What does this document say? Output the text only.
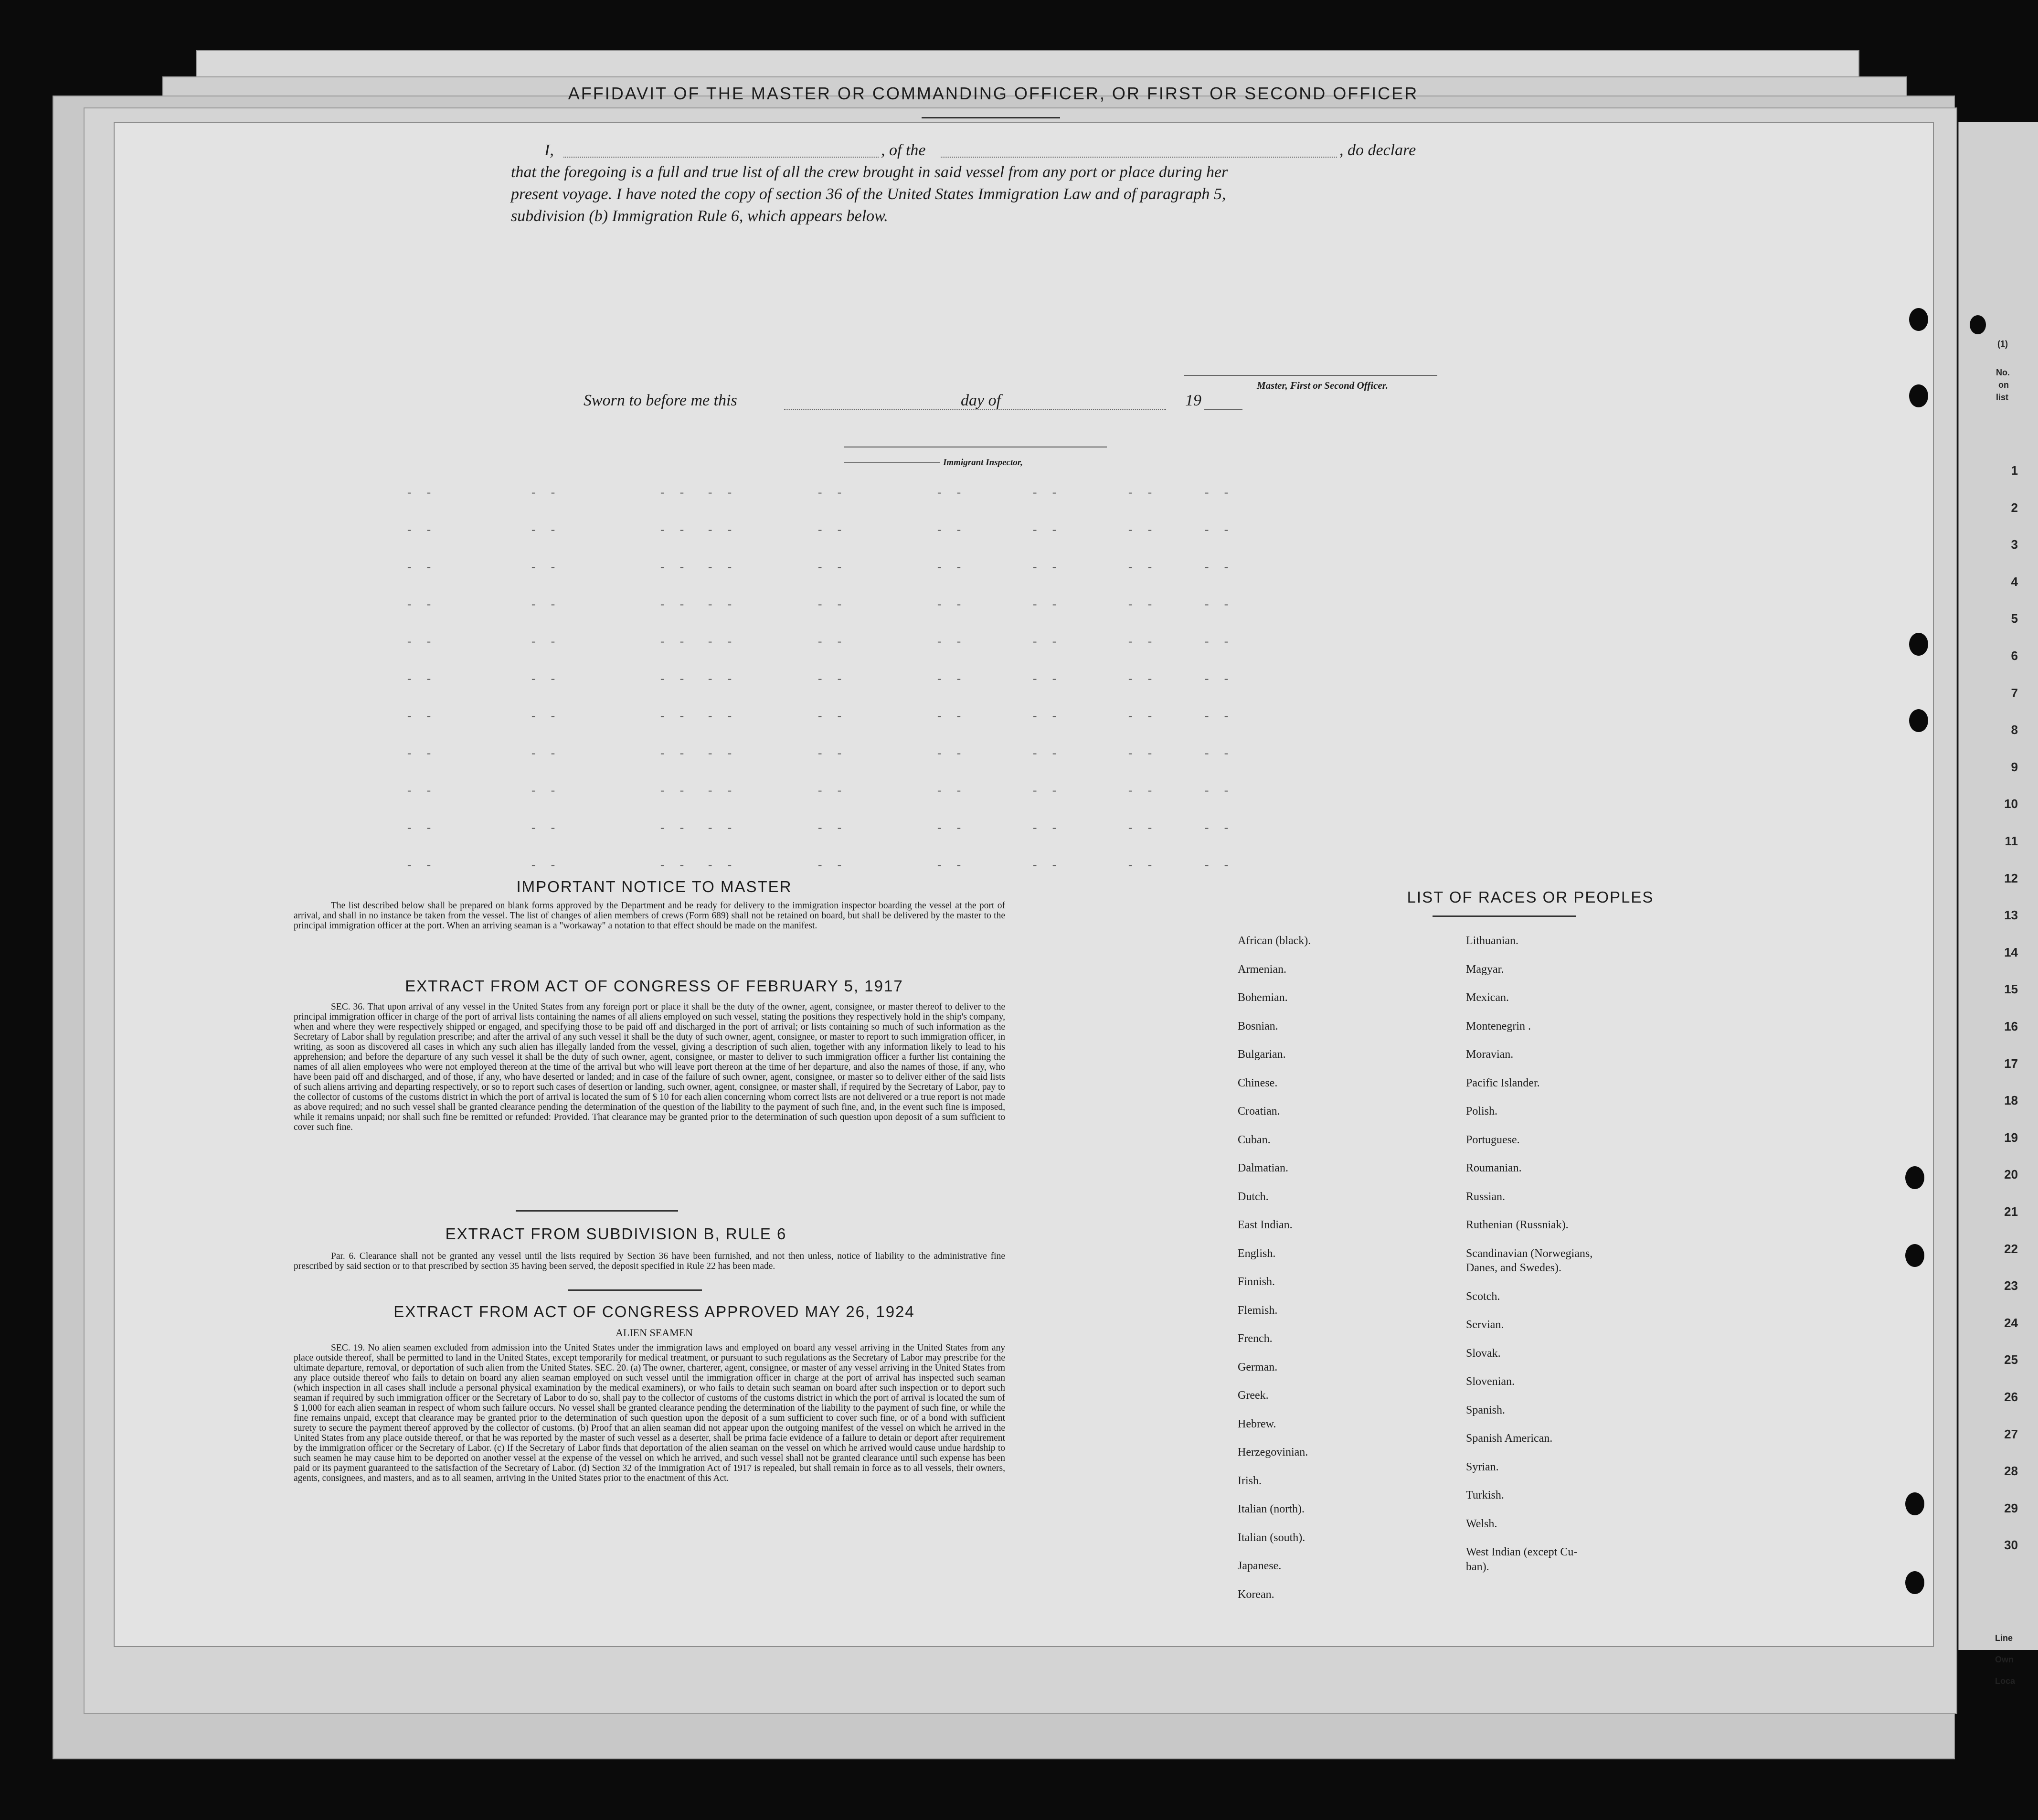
AFFIDAVIT OF THE MASTER OR COMMANDING OFFICER, OR FIRST OR SECOND OFFICER
I,	, of the	, do declare
that the foregoing is a full and true list of all the crew brought in said vessel from any port or place during her
present voyage. I have noted the copy of section 36 of the United States Immigration Law and of paragraph 5,
subdivision (b) Immigration Rule 6, which appears below.
Master, First or Second Officer.
Sworn to before me this	day of	19
Immigrant Inspector,
- -	- -	- - - -	- -	- -	- -	- -	- -
- -	- -	- - - -	- -	- -	- -	- -	- -
- -	- -	- - - -	- -	- -	- -	- -	- -
- -	- -	- - - -	- -	- -	- -	- -	- -
- -	- -	- - - -	- -	- -	- -	- -	- -
- -	- -	- - - -	- -	- -	- -	- -	- -
- -	- -	- - - -	- -	- -	- -	- -	- -
- -	- -	- - - -	- -	- -	- -	- -	- -
- -	- -	- - - -	- -	- -	- -	- -	- -
- -	- -	- - - -	- -	- -	- -	- -	- -
- -	- -	- - - -	- -	- -	- -	- -	- -
IMPORTANT NOTICE TO MASTER
The list described below shall be prepared on blank forms approved by the Department and be ready for delivery to the immigration inspector boarding the vessel at the port of arrival, and shall in no instance be taken from the vessel. The list of changes of alien members of crews (Form 689) shall not be retained on board, but shall be delivered by the master to the principal immigration officer at the port. When an arriving seaman is a "workaway" a notation to that effect should be made on the manifest.
EXTRACT FROM ACT OF CONGRESS OF FEBRUARY 5, 1917
SEC. 36. That upon arrival of any vessel in the United States from any foreign port or place it shall be the duty of the owner, agent, consignee, or master thereof to deliver to the principal immigration officer in charge of the port of arrival lists containing the names of all aliens employed on such vessel, stating the positions they respectively hold in the ship's company, when and where they were respectively shipped or engaged, and specifying those to be paid off and discharged in the port of arrival; or lists containing so much of such information as the Secretary of Labor shall by regulation prescribe; and after the arrival of any such vessel it shall be the duty of such owner, agent, consignee, or master to report to such immigration officer, in writing, as soon as discovered all cases in which any such alien has illegally landed from the vessel, giving a description of such alien, together with any information likely to lead to his apprehension; and before the departure of any such vessel it shall be the duty of such owner, agent, consignee, or master to deliver to such immigration officer a further list containing the names of all alien employees who were not employed thereon at the time of the arrival but who will leave port thereon at the time of her departure, and also the names of those, if any, who have been paid off and discharged, and of those, if any, who have deserted or landed; and in case of the failure of such owner, agent, consignee, or master so to deliver either of the said lists of such aliens arriving and departing respectively, or so to report such cases of desertion or landing, such owner, agent, consignee, or master shall, if required by the Secretary of Labor, pay to the collector of customs of the customs district in which the port of arrival is located the sum of $ 10 for each alien concerning whom correct lists are not delivered or a true report is not made as above required; and no such vessel shall be granted clearance pending the determination of the question of the liability to the payment of such fine, and, in the event such fine is imposed, while it remains unpaid; nor shall such fine be remitted or refunded: Provided. That clearance may be granted prior to the determination of such question upon deposit of a sum sufficient to cover such fine.
EXTRACT FROM SUBDIVISION B, RULE 6
Par. 6. Clearance shall not be granted any vessel until the lists required by Section 36 have been furnished, and not then unless, notice of liability to the administrative fine prescribed by said section or to that prescribed by section 35 having been served, the deposit specified in Rule 22 has been made.
EXTRACT FROM ACT OF CONGRESS APPROVED MAY 26, 1924
ALIEN SEAMEN
SEC. 19. No alien seamen excluded from admission into the United States under the immigration laws and employed on board any vessel arriving in the United States from any place outside thereof, shall be permitted to land in the United States, except temporarily for medical treatment, or pursuant to such regulations as the Secretary of Labor may prescribe for the ultimate departure, removal, or deportation of such alien from the United States. SEC. 20. (a) The owner, charterer, agent, consignee, or master of any vessel arriving in the United States from any place outside thereof who fails to detain on board any alien seaman employed on such vessel until the immigration officer in charge at the port of arrival has inspected such seaman (which inspection in all cases shall include a personal physical examination by the medical examiners), or who fails to detain such seaman on board after such inspection or to deport such seaman if required by such immigration officer or the Secretary of Labor to do so, shall pay to the collector of customs of the customs district in which the port of arrival is located the sum of $ 1,000 for each alien seaman in respect of whom such failure occurs. No vessel shall be granted clearance pending the determination of the liability to the payment of such fine, or while the fine remains unpaid, except that clearance may be granted prior to the determination of such question upon the deposit of a sum sufficient to cover such fine, or of a bond with sufficient surety to secure the payment thereof approved by the collector of customs. (b) Proof that an alien seaman did not appear upon the outgoing manifest of the vessel on which he arrived in the United States from any place outside thereof, or that he was reported by the master of such vessel as a deserter, shall be prima facie evidence of a failure to detain or deport after requirement by the immigration officer or the Secretary of Labor. (c) If the Secretary of Labor finds that deportation of the alien seaman on the vessel on which he arrived would cause undue hardship to such seamen he may cause him to be deported on another vessel at the expense of the vessel on which he arrived, and such vessel shall not be granted clearance until such expense has been paid or its payment guaranteed to the satisfaction of the Secretary of Labor. (d) Section 32 of the Immigration Act of 1917 is repealed, but shall remain in force as to all vessels, their owners, agents, consignees, and masters, and as to all seamen, arriving in the United States prior to the enactment of this Act.
LIST OF RACES OR PEOPLES
African (black).
Armenian.
Bohemian.
Bosnian.
Bulgarian.
Chinese.
Croatian.
Cuban.
Dalmatian.
Dutch.
East Indian.
English.
Finnish.
Flemish.
French.
German.
Greek.
Hebrew.
Herzegovinian.
Irish.
Italian (north).
Italian (south).
Japanese.
Korean.
Lithuanian.
Magyar.
Mexican.
Montenegrin .
Moravian.
Pacific Islander.
Polish.
Portuguese.
Roumanian.
Russian.
Ruthenian (Russniak).
Scandinavian (Norwegians,
Danes, and Swedes).
Scotch.
Servian.
Slovak.
Slovenian.
Spanish.
Spanish American.
Syrian.
Turkish.
Welsh.
West Indian (except Cu-
ban).
(1)
No.
on
list
1
2
3
4
5
6
7
8
9
10
11
12
13
14
15
16
17
18
19
20
21
22
23
24
25
26
27
28
29
30
Line
Own
Loca
